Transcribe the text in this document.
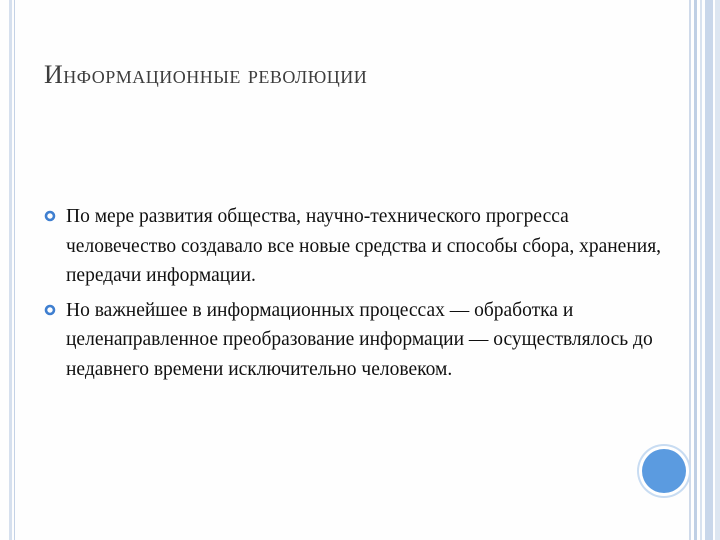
Информационные революции
По мере развития общества, научно-технического прогресса человечество создавало все новые средства и способы сбора, хранения, передачи информации.
Но важнейшее в информационных процессах — обработка и целенаправленное преобразование информации — осуществлялось до недавнего времени исключительно человеком.
